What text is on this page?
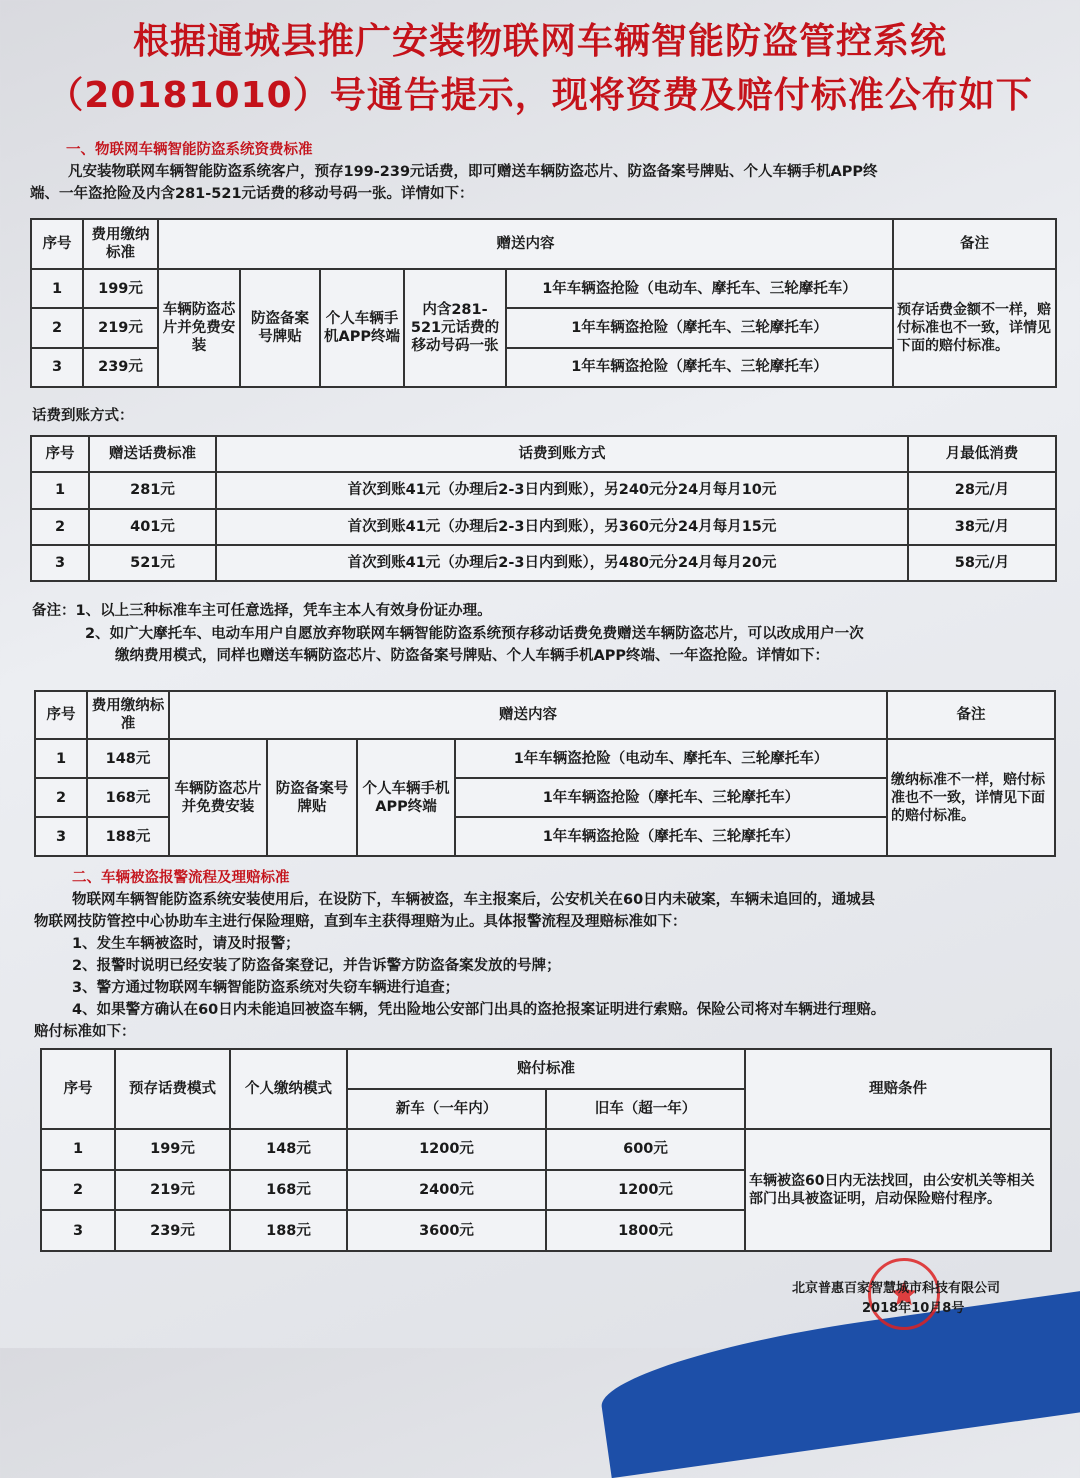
根据通城县推广安装物联网车辆智能防盗管控系统
（20181010）号通告提示，现将资费及赔付标准公布如下
一、物联网车辆智能防盗系统资费标准
凡安装物联网车辆智能防盗系统客户，预存199-239元话费，即可赠送车辆防盗芯片、防盗备案号牌贴、个人车辆手机APP终
端、一年盗抢险及内含281-521元话费的移动号码一张。详情如下：
序号	费用缴纳标准	赠送内容					备注
1	199元	车辆防盗芯片并免费安装	防盗备案号牌贴	个人车辆手机APP终端	内含281-521元话费的移动号码一张	1年车辆盗抢险（电动车、摩托车、三轮摩托车）	预存话费金额不一样，赔付标准也不一致，详情见下面的赔付标准。
2	219元					1年车辆盗抢险（摩托车、三轮摩托车）	
3	239元					1年车辆盗抢险（摩托车、三轮摩托车）	
话费到账方式：
序号	赠送话费标准	话费到账方式	月最低消费
1	281元	首次到账41元（办理后2-3日内到账），另240元分24月每月10元	28元/月
2	401元	首次到账41元（办理后2-3日内到账），另360元分24月每月15元	38元/月
3	521元	首次到账41元（办理后2-3日内到账），另480元分24月每月20元	58元/月
备注：1、以上三种标准车主可任意选择，凭车主本人有效身份证办理。
2、如广大摩托车、电动车用户自愿放弃物联网车辆智能防盗系统预存移动话费免费赠送车辆防盗芯片，可以改成用户一次
缴纳费用模式，同样也赠送车辆防盗芯片、防盗备案号牌贴、个人车辆手机APP终端、一年盗抢险。详情如下：
序号	费用缴纳标准	赠送内容				备注
1	148元	车辆防盗芯片并免费安装	防盗备案号牌贴	个人车辆手机APP终端	1年车辆盗抢险（电动车、摩托车、三轮摩托车）	缴纳标准不一样，赔付标准也不一致，详情见下面的赔付标准。
2	168元				1年车辆盗抢险（摩托车、三轮摩托车）	
3	188元				1年车辆盗抢险（摩托车、三轮摩托车）	
二、车辆被盗报警流程及理赔标准
物联网车辆智能防盗系统安装使用后，在设防下，车辆被盗，车主报案后，公安机关在60日内未破案，车辆未追回的，通城县
物联网技防管控中心协助车主进行保险理赔，直到车主获得理赔为止。具体报警流程及理赔标准如下：
1、发生车辆被盗时，请及时报警；
2、报警时说明已经安装了防盗备案登记，并告诉警方防盗备案发放的号牌；
3、警方通过物联网车辆智能防盗系统对失窃车辆进行追查；
4、如果警方确认在60日内未能追回被盗车辆，凭出险地公安部门出具的盗抢报案证明进行索赔。保险公司将对车辆进行理赔。
赔付标准如下：
序号	预存话费模式	个人缴纳模式	赔付标准		理赔条件
			新车（一年内）	旧车（超一年）	
1	199元	148元	1200元	600元	车辆被盗60日内无法找回，由公安机关等相关部门出具被盗证明，启动保险赔付程序。
2	219元	168元	2400元	1200元	
3	239元	188元	3600元	1800元	
北京普惠百家智慧城市科技有限公司
2018年10月8号
